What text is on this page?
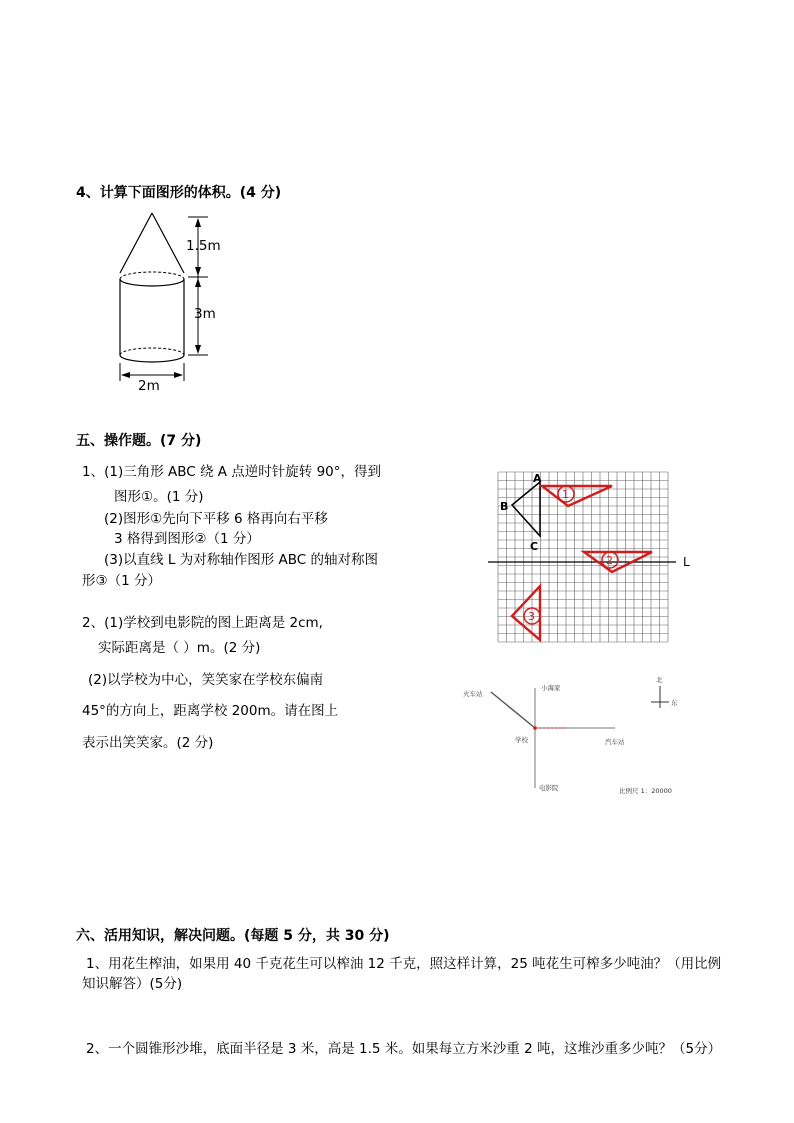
4、计算下面图形的体积。(4 分)
1.5m
3m
2m
五、操作题。(7 分)
1、(1)三角形 ABC 绕 A 点逆时针旋转 90°，得到
图形①。(1 分)
(2)图形①先向下平移 6 格再向右平移
3 格得到图形②（1 分）
(3)以直线 L 为对称轴作图形 ABC 的轴对称图
形③（1 分）
2、(1)学校到电影院的图上距离是 2cm,
实际距离是（ ）m。(2 分)
(2)以学校为中心，笑笑家在学校东偏南
45°的方向上，距离学校 200m。请在图上
表示出笑笑家。(2 分)
A
B
C
L
1
2
3
火车站
小海家
学校	汽车站
电影院
北
东
比例尺 1：20000
六、活用知识，解决问题。(每题 5 分，共 30 分)
1、用花生榨油，如果用 40 千克花生可以榨油 12 千克，照这样计算，25 吨花生可榨多少吨油？（用比例
知识解答）(5分)
2、一个圆锥形沙堆，底面半径是 3 米，高是 1.5 米。如果每立方米沙重 2 吨，这堆沙重多少吨？（5分）
